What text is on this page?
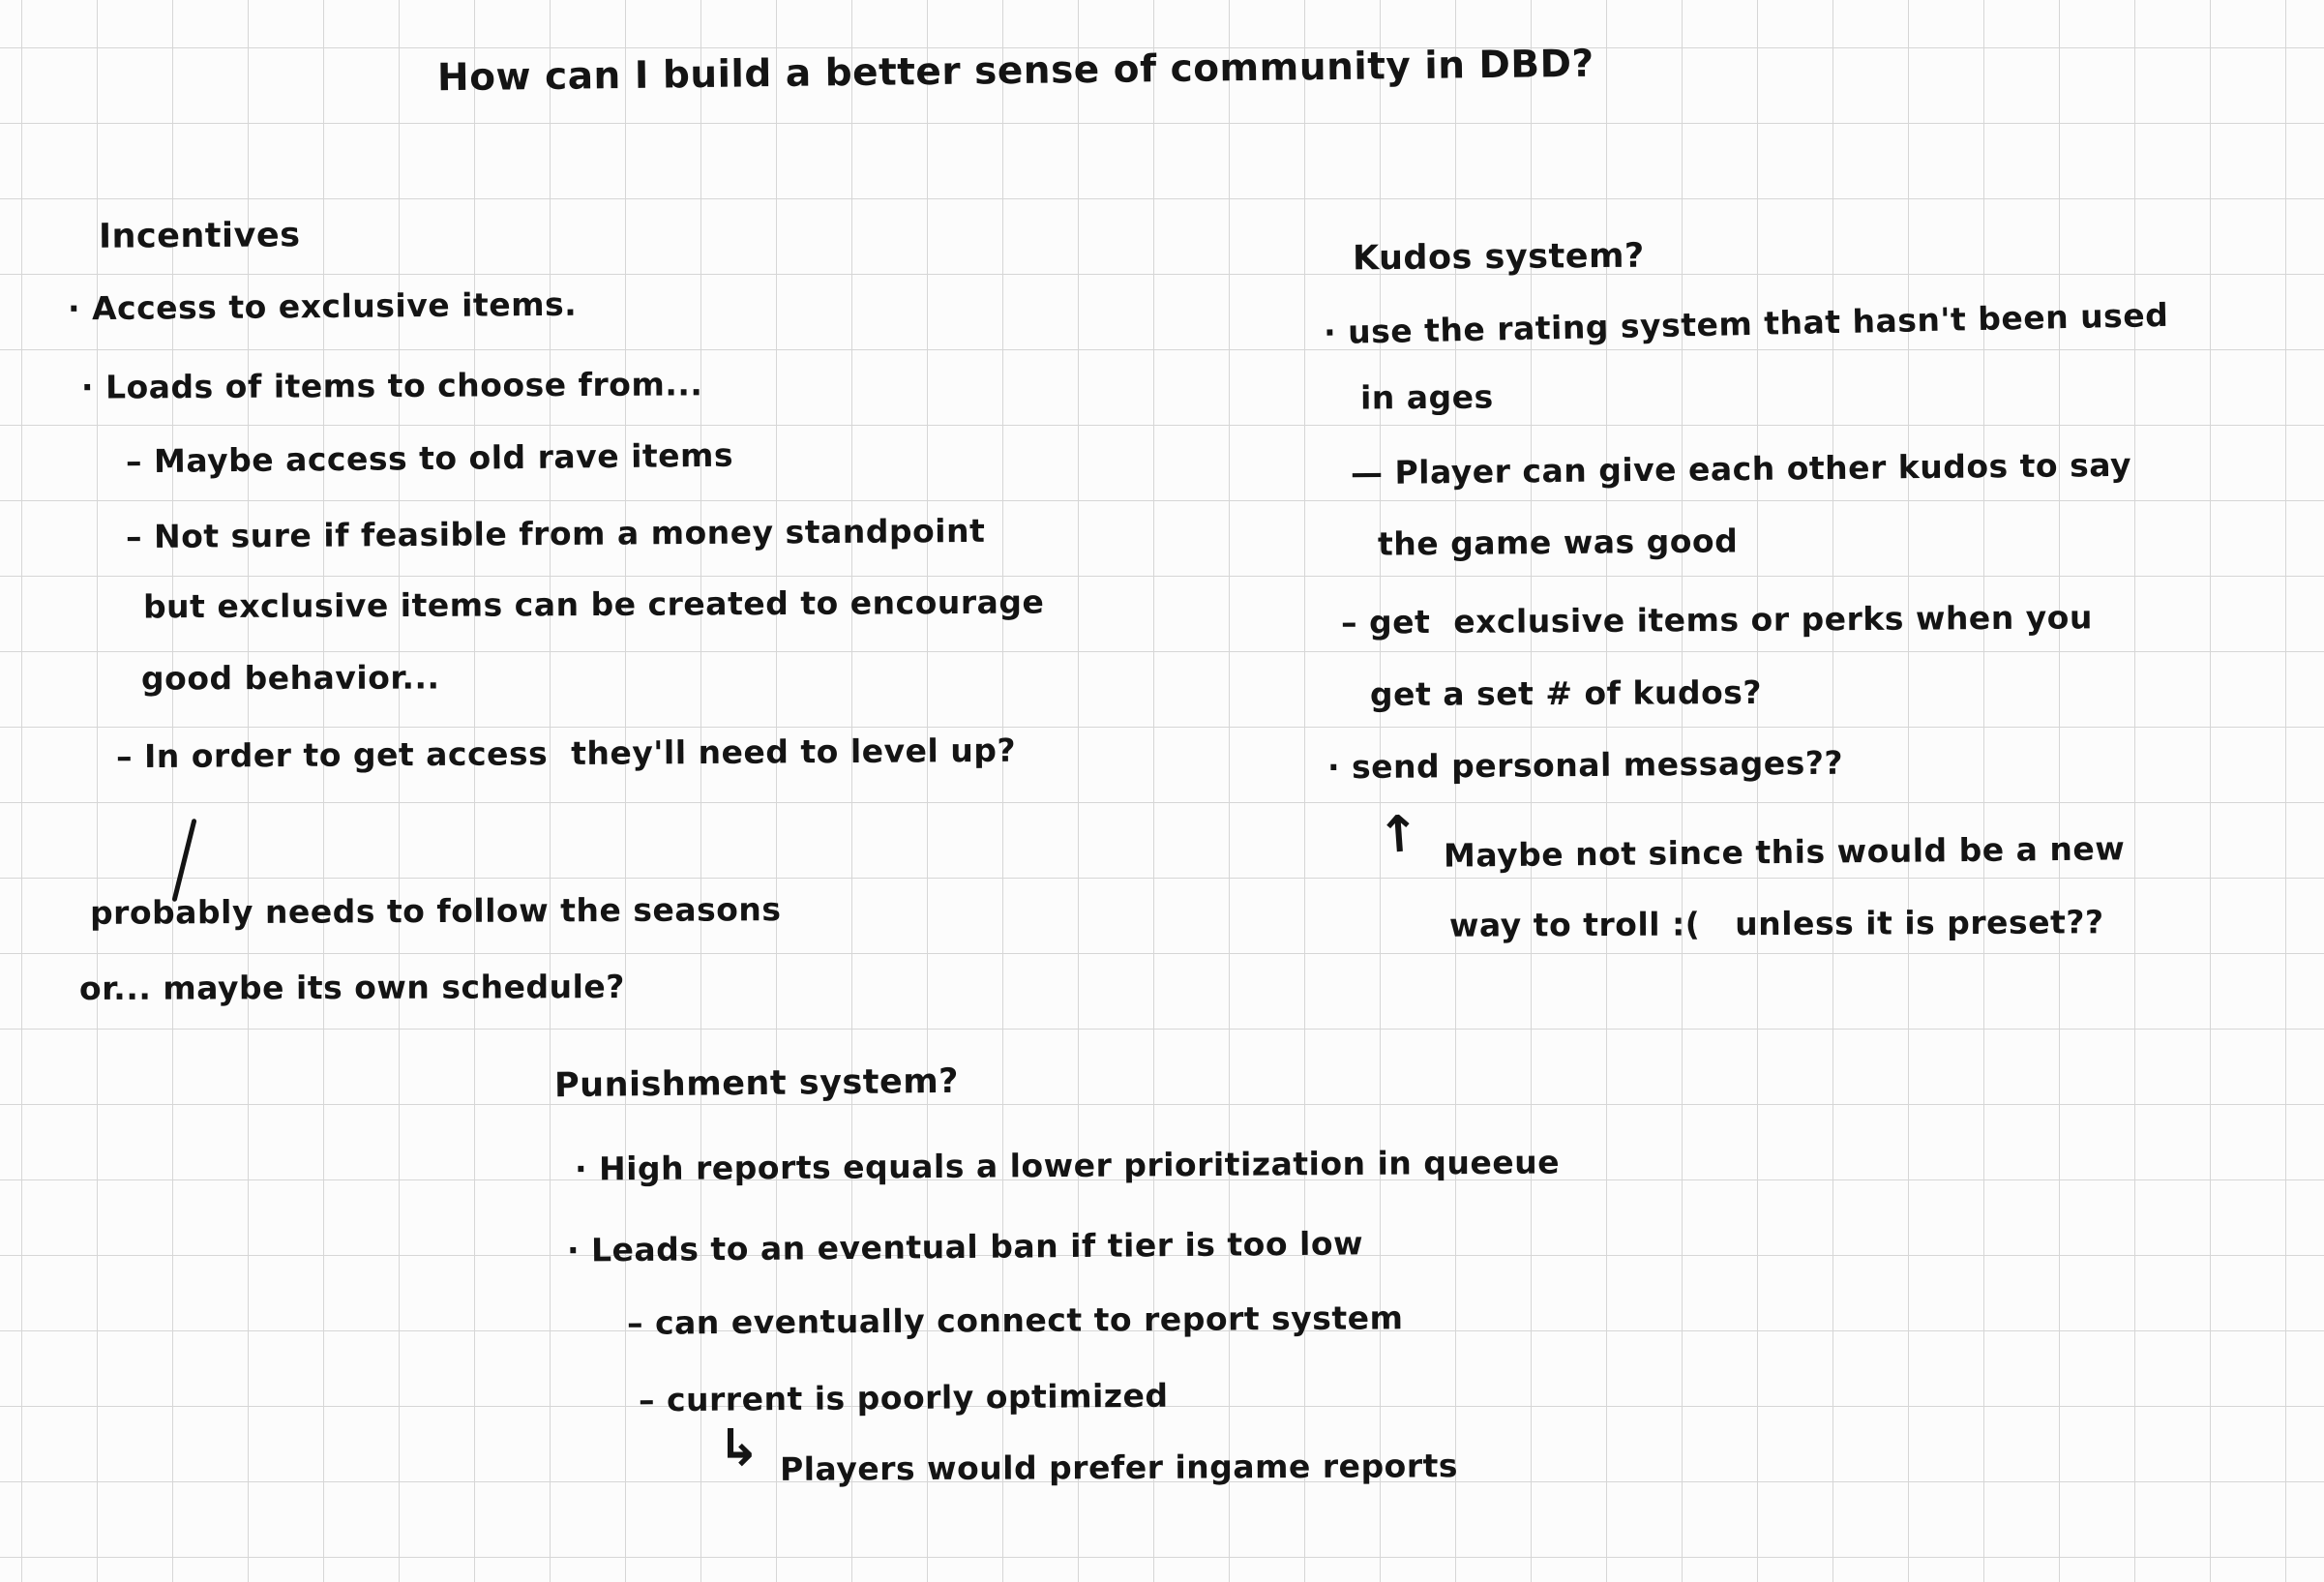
How can I build a better sense of community in DBD?
Incentives
· Access to exclusive items.
· Loads of items to choose from...
– Maybe access to old rave items
– Not sure if feasible from a money standpoint
but exclusive items can be created to encourage
good behavior...
– In order to get access  they'll need to level up?
probably needs to follow the seasons
or... maybe its own schedule?
Kudos system?
· use the rating system that hasn't been used
in ages
— Player can give each other kudos to say
the game was good
– get  exclusive items or perks when you
get a set # of kudos?
· send personal messages??
↑ Maybe not since this would be a new
way to troll :(   unless it is preset??
Punishment system?
· High reports equals a lower prioritization in queeue
· Leads to an eventual ban if tier is too low
– can eventually connect to report system
– current is poorly optimized
↳ Players would prefer ingame reports
